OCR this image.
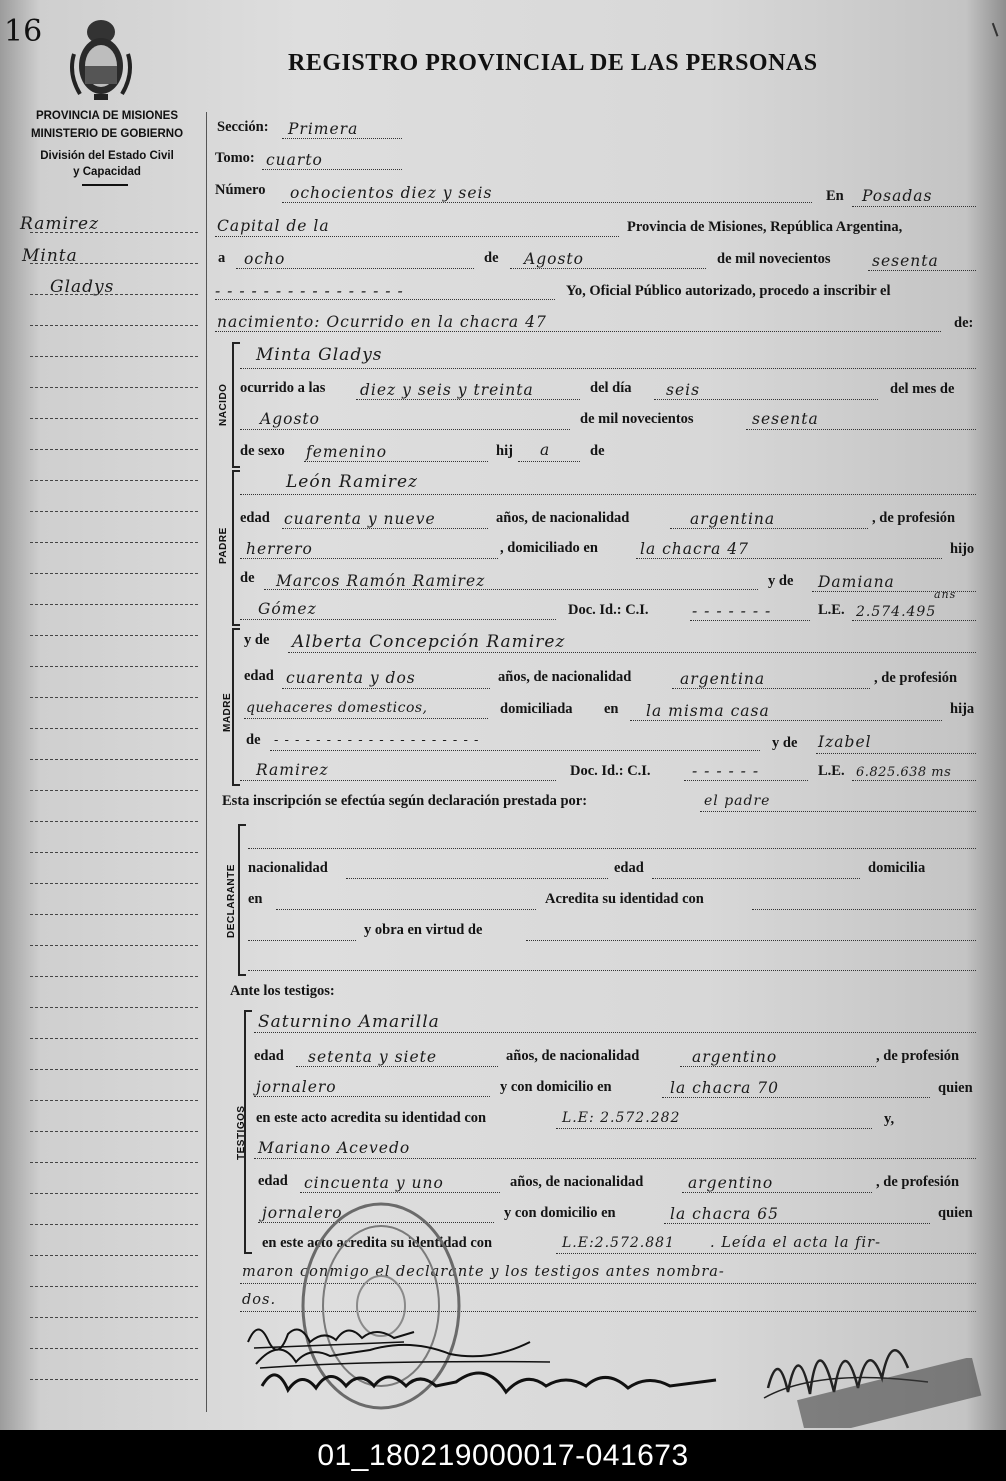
16
REGISTRO PROVINCIAL DE LAS PERSONAS
PROVINCIA DE MISIONES
MINISTERIO DE GOBIERNO
División del Estado Civil
y Capacidad
Ramirez
Minta
Gladys
Sección: Primera
Tomo: cuarto
Número ochocientos diez y seis	En Posadas
Capital de la	Provincia de Misiones, República Argentina,
a ocho	de Agosto	de mil novecientos	sesenta
- - - - - - - - - - - - - - - -	Yo, Oficial Público autorizado, procedo a inscribir el
nacimiento: Ocurrido en la chacra 47	de:
NACIDO
Minta Gladys
ocurrido a las diez y seis y treinta	del día seis	del mes de
Agosto	de mil novecientos	sesenta
de sexo femenino	hij a	de
PADRE
León Ramirez
edad cuarenta y nueve	años, de nacionalidad	argentina	, de profesión
herrero	, domiciliado en	la chacra 47	hijo
de Marcos Ramón Ramirez	y de Damiana
Gómez	Doc. Id.: C.I.	- - - - - - -	L.E. 2.574.495
ans
MADRE
y de Alberta Concepción Ramirez
edad cuarenta y dos	años, de nacionalidad	argentina	, de profesión
quehaceres domesticos,	domiciliada en la misma casa	hija
de - - - - - - - - - - - - - - - - - - - -	y de Izabel
Ramirez	Doc. Id.: C.I.	- - - - - -	L.E. 6.825.638 ms
Esta inscripción se efectúa según declaración prestada por:	el padre
DECLARANTE nacionalidad	edad	domicilia
en	Acredita su identidad con
y obra en virtud de
Ante los testigos:
TESTIGOS
Saturnino Amarilla
edad setenta y siete	años, de nacionalidad	argentino	, de profesión
jornalero	y con domicilio en	la chacra 70	quien
en este acto acredita su identidad con	L.E: 2.572.282	y,
Mariano Acevedo
edad cincuenta y uno	años, de nacionalidad	argentino	, de profesión
jornalero	y con domicilio en	la chacra 65	quien
en este acto acredita su identidad con	L.E:2.572.881 . Leída el acta la fir-
maron conmigo el declarante y los testigos antes nombra-
dos.
01_180219000017-041673
